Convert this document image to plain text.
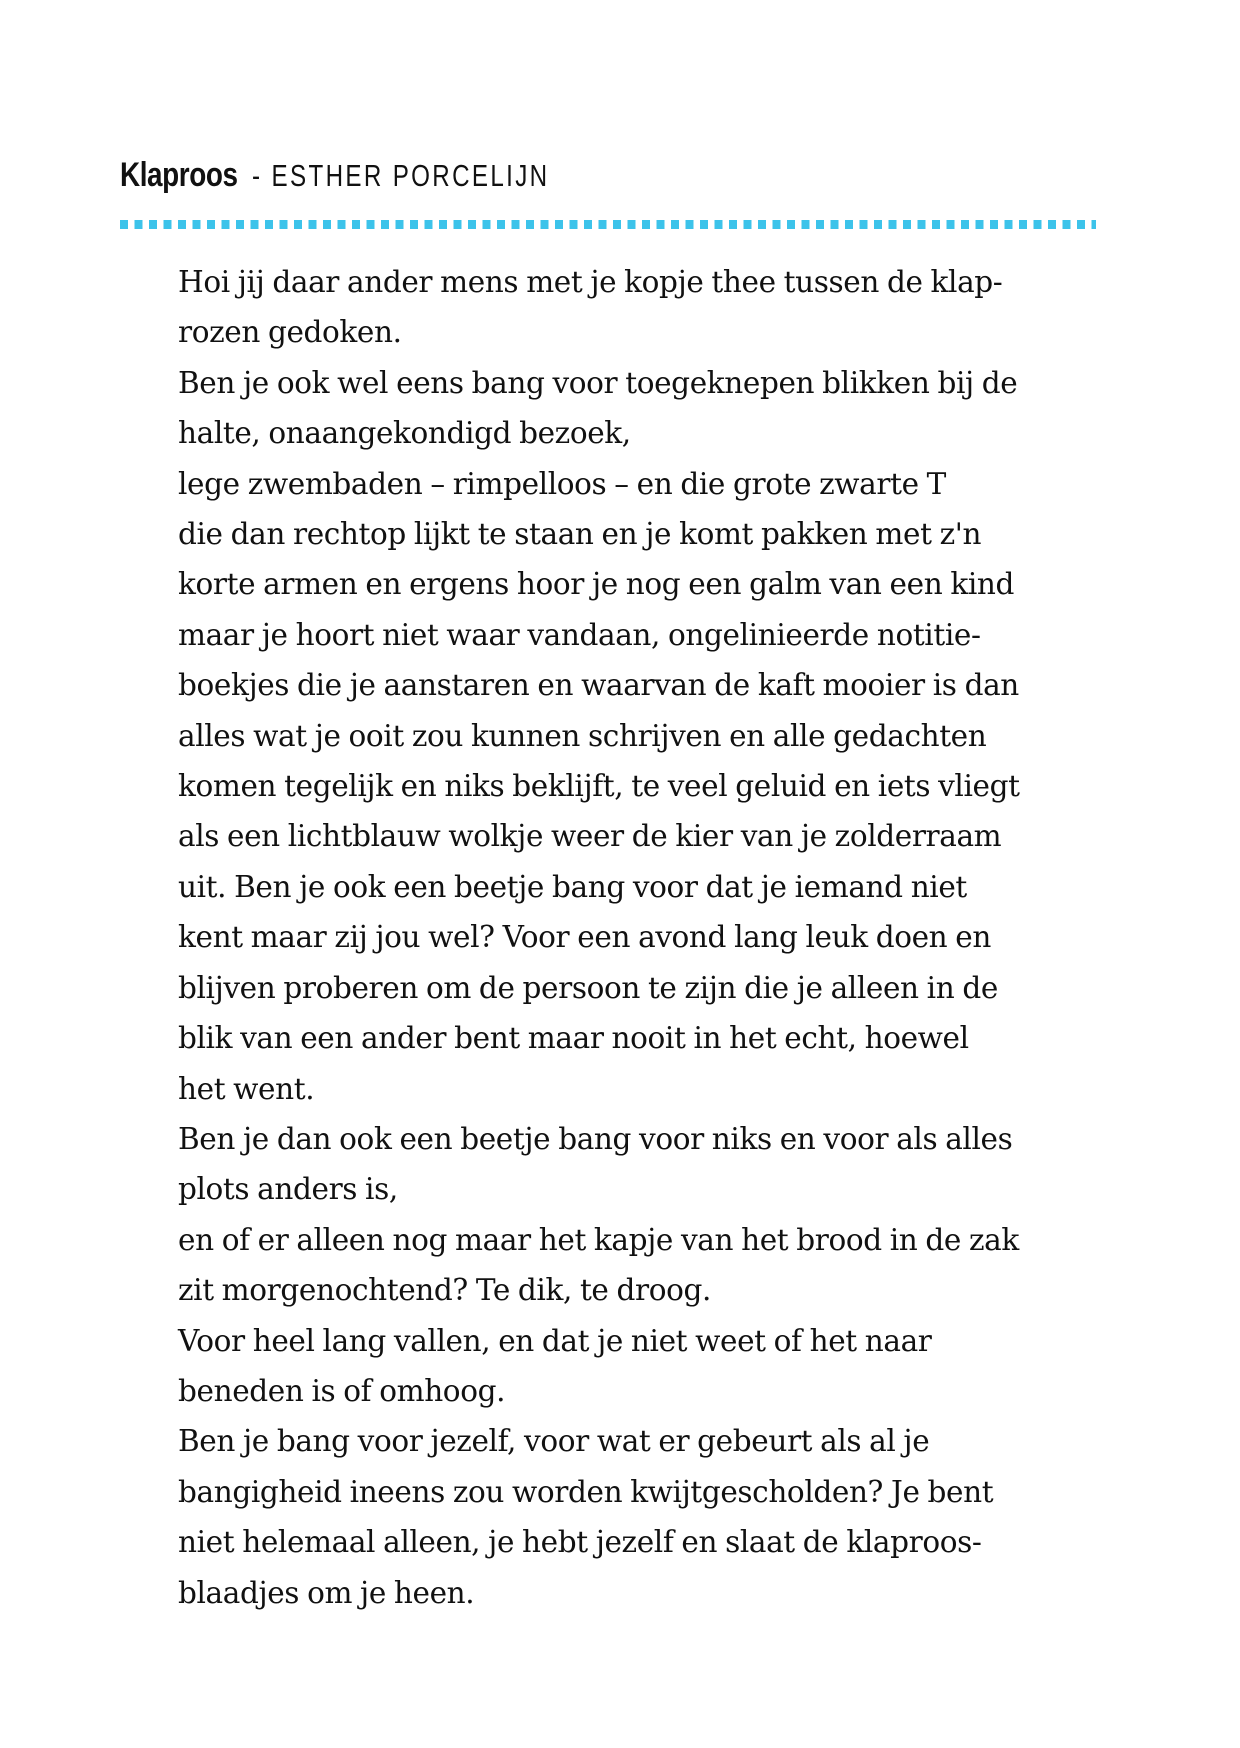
Klaproos - ESTHER PORCELIJN
Hoi jij daar ander mens met je kopje thee tussen de klap-
rozen gedoken.
Ben je ook wel eens bang voor toegeknepen blikken bij de
halte, onaangekondigd bezoek,
lege zwembaden – rimpelloos – en die grote zwarte T
die dan rechtop lijkt te staan en je komt pakken met z'n
korte armen en ergens hoor je nog een galm van een kind
maar je hoort niet waar vandaan, ongelinieerde notitie-
boekjes die je aanstaren en waarvan de kaft mooier is dan
alles wat je ooit zou kunnen schrijven en alle gedachten
komen tegelijk en niks beklijft, te veel geluid en iets vliegt
als een lichtblauw wolkje weer de kier van je zolderraam
uit. Ben je ook een beetje bang voor dat je iemand niet
kent maar zij jou wel? Voor een avond lang leuk doen en
blijven proberen om de persoon te zijn die je alleen in de
blik van een ander bent maar nooit in het echt, hoewel
het went.
Ben je dan ook een beetje bang voor niks en voor als alles
plots anders is,
en of er alleen nog maar het kapje van het brood in de zak
zit morgenochtend? Te dik, te droog.
Voor heel lang vallen, en dat je niet weet of het naar
beneden is of omhoog.
Ben je bang voor jezelf, voor wat er gebeurt als al je
bangigheid ineens zou worden kwijtgescholden? Je bent
niet helemaal alleen, je hebt jezelf en slaat de klaproos-
blaadjes om je heen.
